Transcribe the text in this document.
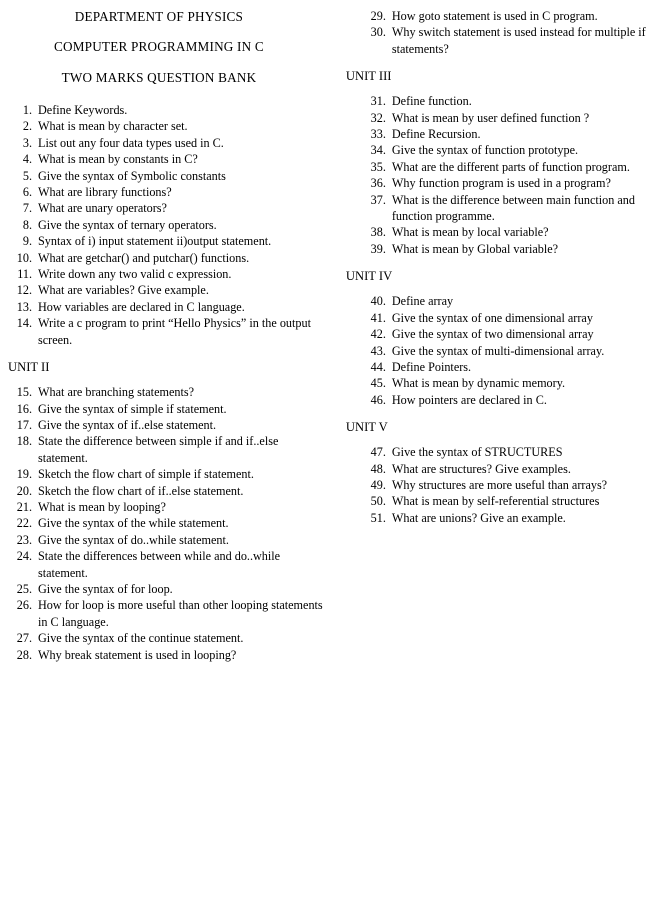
DEPARTMENT OF PHYSICS
COMPUTER PROGRAMMING IN C
TWO MARKS QUESTION BANK
1. Define Keywords.
2. What is mean by character set.
3. List out any four data types used in C.
4. What is mean by constants in C?
5. Give the syntax of Symbolic constants
6. What are library functions?
7. What are unary operators?
8. Give the syntax of ternary operators.
9. Syntax of i) input statement ii)output statement.
10. What are getchar() and putchar() functions.
11. Write down any two valid c expression.
12. What are variables? Give example.
13. How variables are declared in C language.
14. Write a c program to print “Hello Physics” in the output screen.
UNIT II
15. What are branching statements?
16. Give the syntax of simple if statement.
17. Give the syntax of if..else statement.
18. State the difference between simple if and if..else statement.
19. Sketch the flow chart of simple if statement.
20. Sketch the flow chart of if..else statement.
21. What is mean by looping?
22. Give the syntax of the while statement.
23. Give the syntax of do..while statement.
24. State the differences between while and do..while statement.
25. Give the syntax of for loop.
26. How for loop is more useful than other looping statements in C language.
27. Give the syntax of the continue statement.
28. Why break statement is used in looping?
29. How goto statement is used in C program.
30. Why switch statement is used instead for multiple if statements?
UNIT III
31. Define function.
32. What is mean by user defined function ?
33. Define Recursion.
34. Give the syntax of function prototype.
35. What are the different parts of function program.
36. Why function program is used in a program?
37. What is the difference between main function and function programme.
38. What is mean by local variable?
39. What is mean by Global variable?
UNIT IV
40. Define array
41. Give the syntax of one dimensional array
42. Give the syntax of two dimensional array
43. Give the syntax of multi-dimensional array.
44. Define Pointers.
45. What is mean by dynamic memory.
46. How pointers are declared in C.
UNIT V
47. Give the syntax of STRUCTURES
48. What are structures? Give examples.
49. Why structures are more useful than arrays?
50. What is mean by self-referential structures
51. What are unions? Give an example.
